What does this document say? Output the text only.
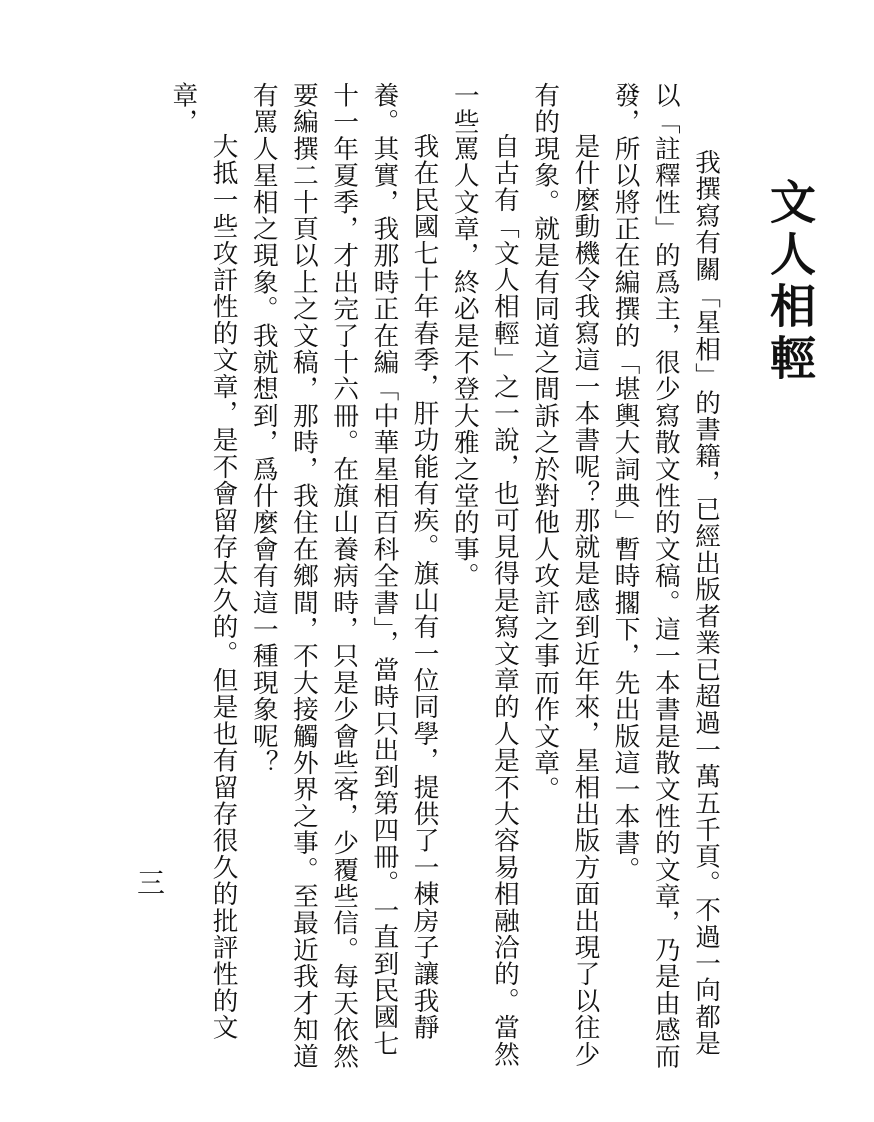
文人相輕

我撰寫有關「星相」的書籍，已經出版者業已超過一萬五千頁。不過一向都是以「註釋性」的爲主，很少寫散文性的文稿。這一本書是散文性的文章，乃是由感而發，所以將正在編撰的「堪輿大詞典」暫時擱下，先出版這一本書。

是什麼動機令我寫這一本書呢？那就是感到近年來，星相出版方面出現了以往少有的現象。就是有同道之間訴之於對他人攻訐之事而作文章。

自古有「文人相輕」之一說，也可見得是寫文章的人是不大容易相融洽的。當然一些罵人文章，終必是不登大雅之堂的事。

我在民國七十年春季，肝功能有疾。旗山有一位同學，提供了一棟房子讓我靜養。其實，我那時正在編「中華星相百科全書」，當時只出到第四冊。一直到民國七十一年夏季，才出完了十六冊。在旗山養病時，只是少會些客，少覆些信。每天依然要編撰二十頁以上之文稿，那時，我住在鄉間，不大接觸外界之事。至最近我才知道有罵人星相之現象。我就想到，爲什麼會有這一種現象呢？

大抵一些攻訐性的文章，是不會留存太久的。但是也有留存很久的批評性的文章，

三
